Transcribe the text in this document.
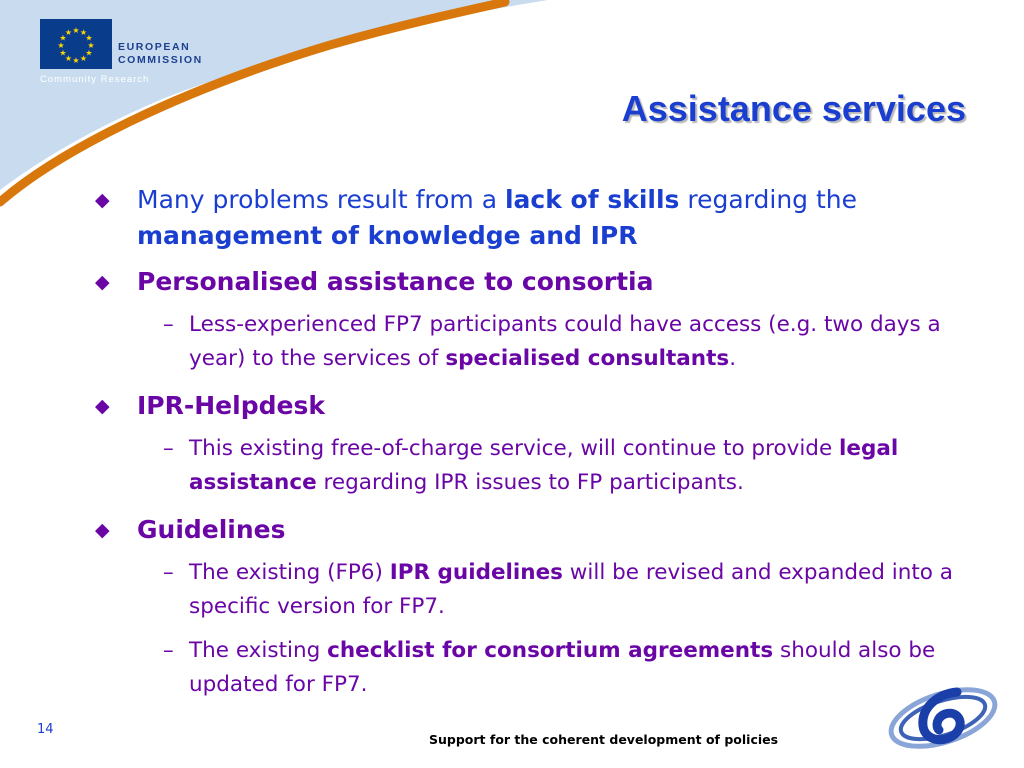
★ ★
★
★
★
★
★
★
★
★
★
★
EUROPEAN
COMMISSION
Community Research
Assistance services
◆ Many problems result from a lack of skills regarding the management of knowledge and IPR
◆ Personalised assistance to consortia
– Less-experienced FP7 participants could have access (e.g. two days a year) to the services of specialised consultants.
◆ IPR-Helpdesk
– This existing free-of-charge service, will continue to provide legal assistance regarding IPR issues to FP participants.
◆ Guidelines
– The existing (FP6) IPR guidelines will be revised and expanded into a specific version for FP7.
– The existing checklist for consortium agreements should also be updated for FP7.
14
Support for the coherent development of policies
